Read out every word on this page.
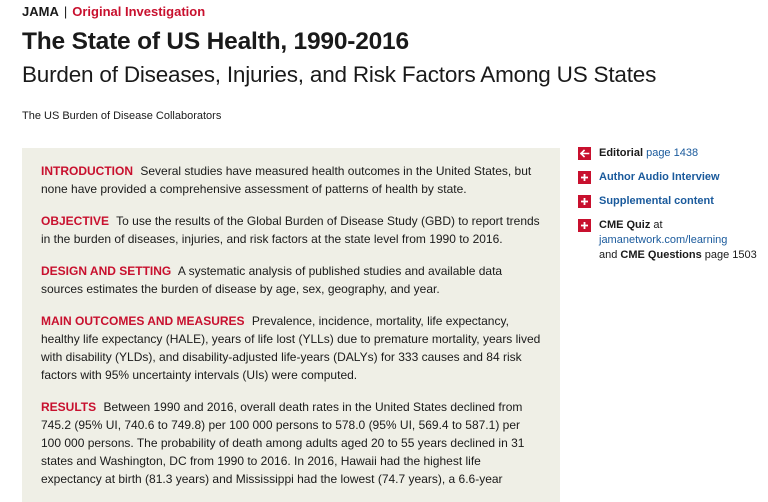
JAMA | Original Investigation
The State of US Health, 1990-2016
Burden of Diseases, Injuries, and Risk Factors Among US States
The US Burden of Disease Collaborators

INTRODUCTION Several studies have measured health outcomes in the United States, but none have provided a comprehensive assessment of patterns of health by state.

OBJECTIVE To use the results of the Global Burden of Disease Study (GBD) to report trends in the burden of diseases, injuries, and risk factors at the state level from 1990 to 2016.

DESIGN AND SETTING A systematic analysis of published studies and available data sources estimates the burden of disease by age, sex, geography, and year.

MAIN OUTCOMES AND MEASURES Prevalence, incidence, mortality, life expectancy, healthy life expectancy (HALE), years of life lost (YLLs) due to premature mortality, years lived with disability (YLDs), and disability-adjusted life-years (DALYs) for 333 causes and 84 risk factors with 95% uncertainty intervals (UIs) were computed.

RESULTS Between 1990 and 2016, overall death rates in the United States declined from 745.2 (95% UI, 740.6 to 749.8) per 100 000 persons to 578.0 (95% UI, 569.4 to 587.1) per 100 000 persons. The probability of death among adults aged 20 to 55 years declined in 31 states and Washington, DC from 1990 to 2016. In 2016, Hawaii had the highest life expectancy at birth (81.3 years) and Mississippi had the lowest (74.7 years), a 6.6-year

Editorial page 1438
Author Audio Interview
Supplemental content
CME Quiz at
jamanetwork.com/learning
and CME Questions page 1503
